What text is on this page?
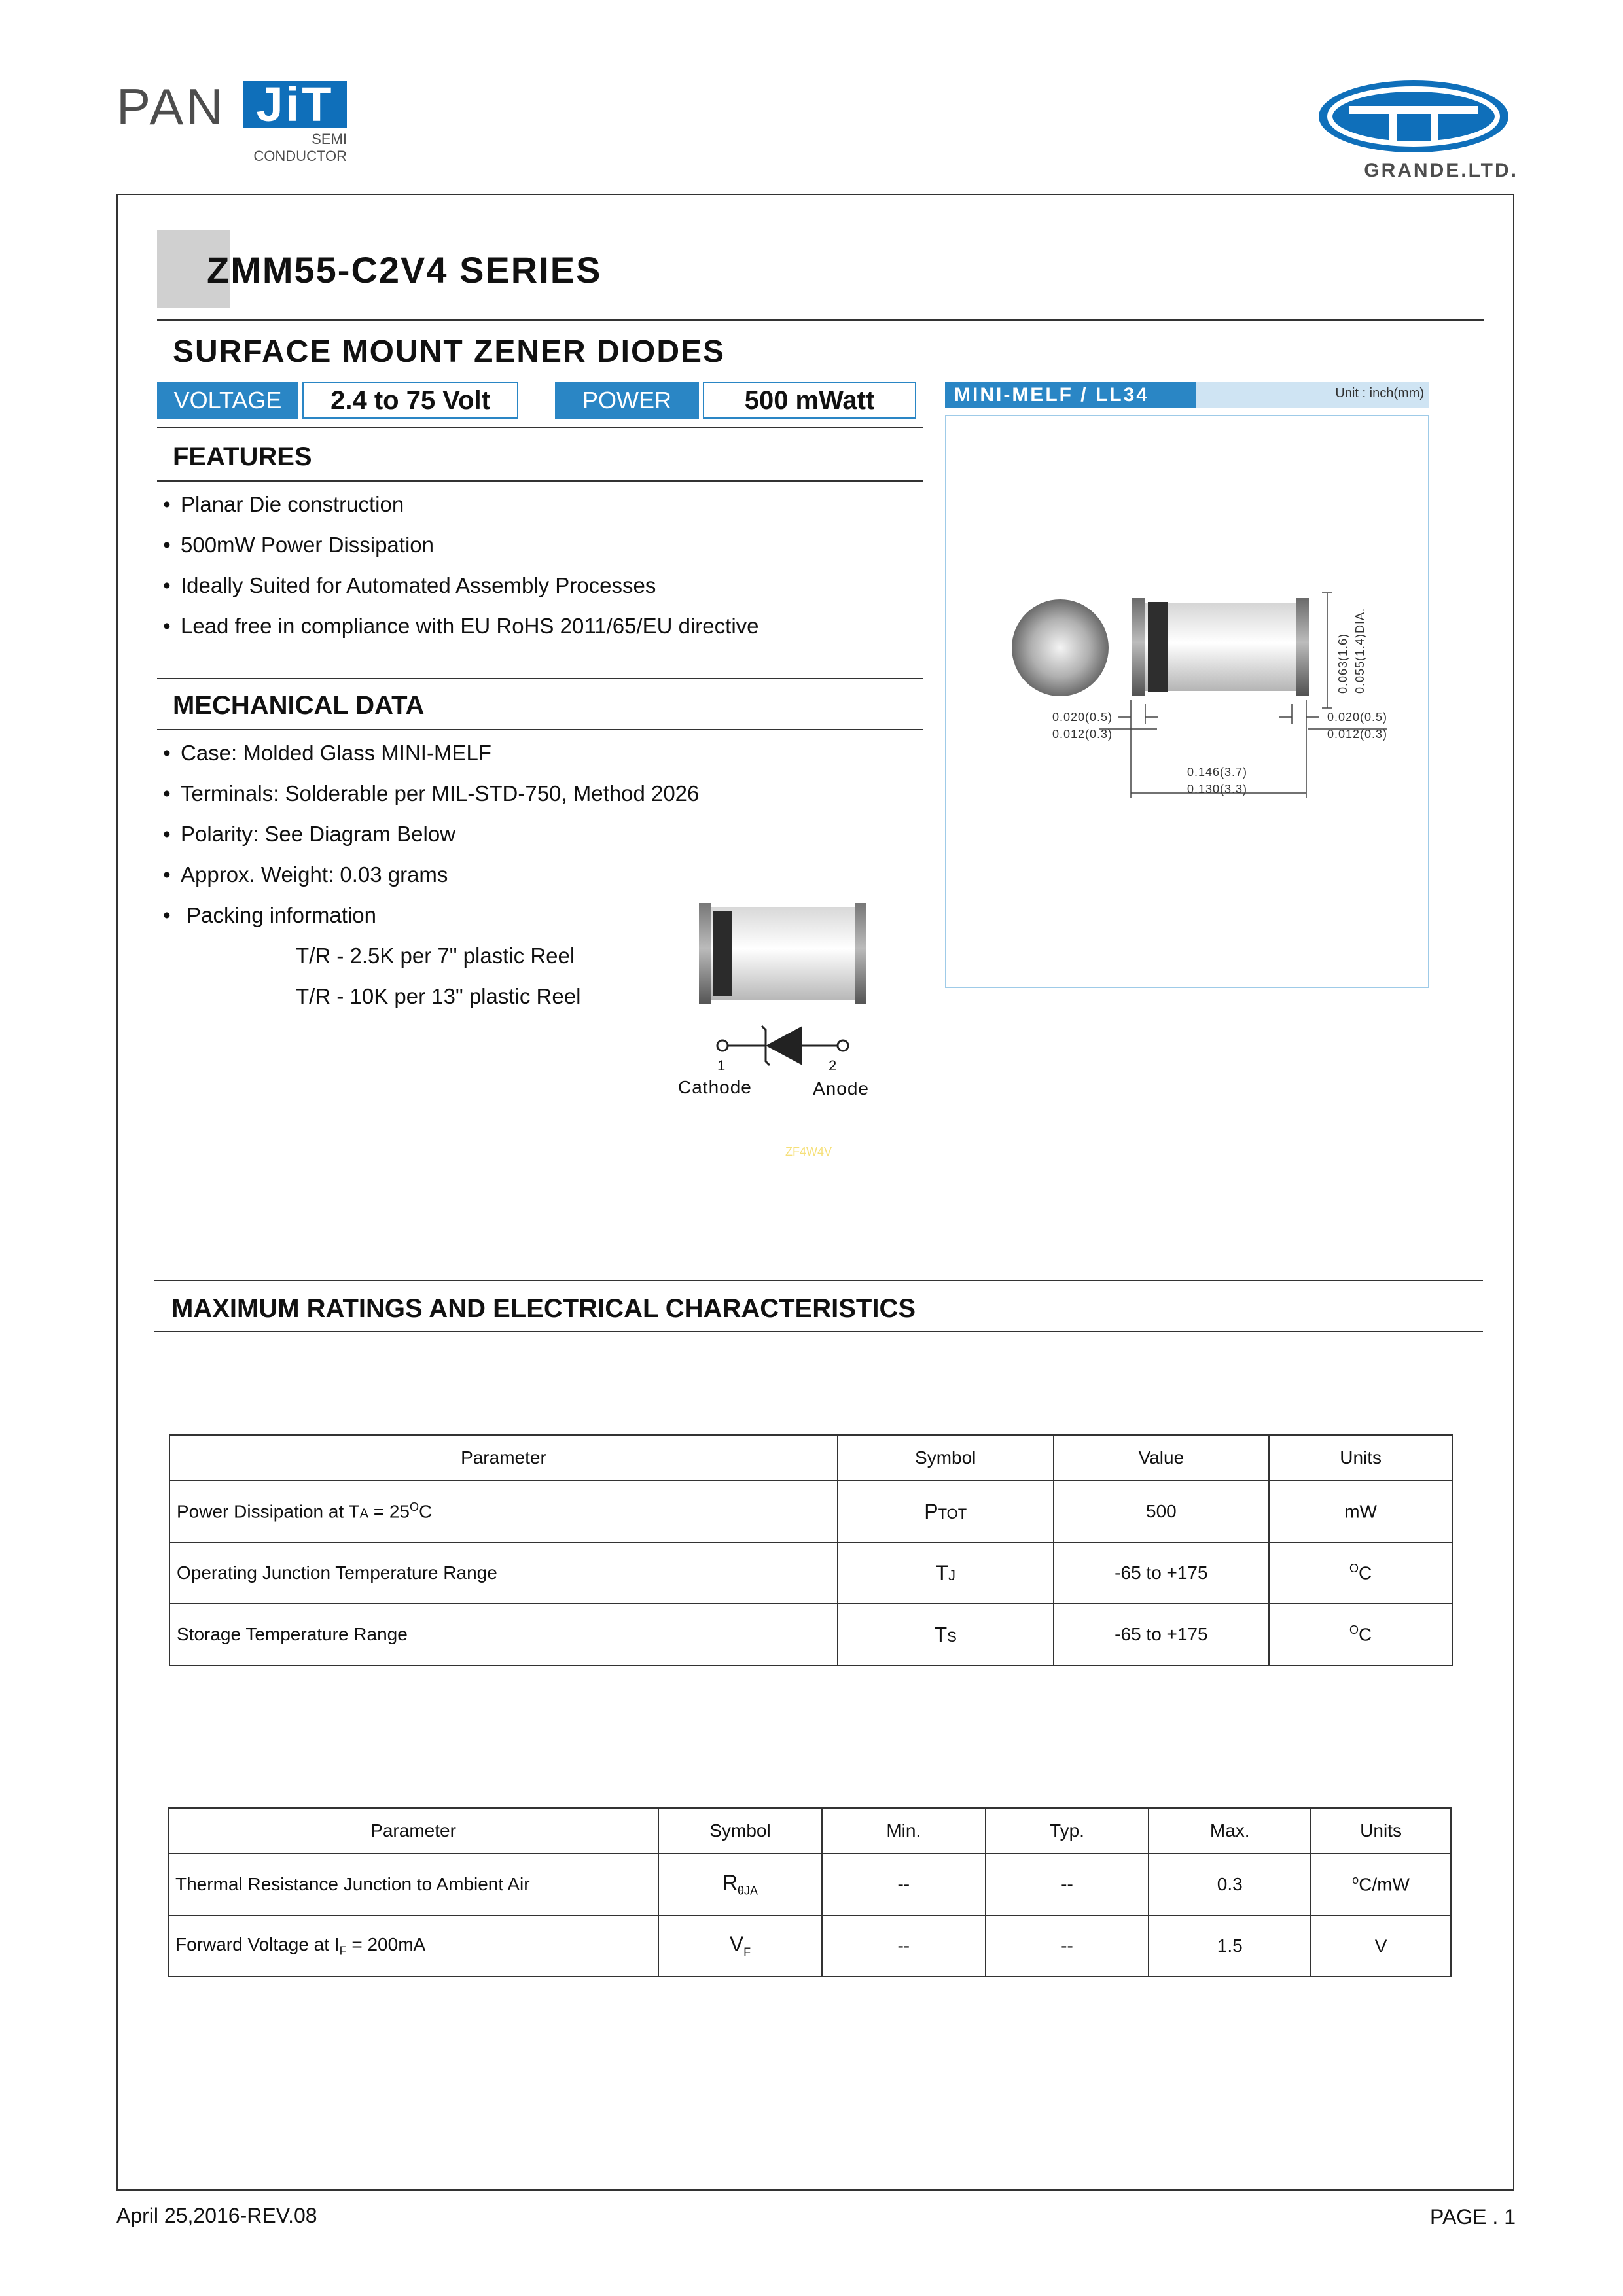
PAN JiT
SEMI
CONDUCTOR
GRANDE.LTD.
ZMM55-C2V4 SERIES
SURFACE MOUNT ZENER DIODES
VOLTAGE	2.4 to 75 Volt	POWER	500 mWatt
FEATURES
• Planar Die construction
• 500mW Power Dissipation
• Ideally Suited for Automated Assembly Processes
• Lead free in compliance with EU RoHS 2011/65/EU directive
MECHANICAL DATA
• Case: Molded Glass MINI-MELF
• Terminals: Solderable per MIL-STD-750, Method 2026
• Polarity: See Diagram Below
• Approx. Weight: 0.03 grams
• Packing information
T/R - 2.5K per 7" plastic Reel
T/R - 10K per 13" plastic Reel
1	2
Cathode	Anode
ZF4W4V
MINI-MELF / LL34	Unit : inch(mm)
0.020(0.5)
0.012(0.3)
0.020(0.5)
0.012(0.3)
0.146(3.7)
0.130(3.3)
0.063(1.6) 0.055(1.4)DIA.
MAXIMUM RATINGS AND ELECTRICAL CHARACTERISTICS
Parameter	Symbol	Value	Units
Power Dissipation at TA = $25^OC$	PTOT	500	mW
Operating Junction Temperature Range	TJ	-65 to +175	$^O$C
Storage Temperature Range	TS	-65 to +175	$^O$C
Parameter	Symbol	Min.	Typ.	Max.	Units
Thermal Resistance Junction to Ambient Air	$R_{\theta JA}$	--	--	0.3	$^o$C/mW
Forward Voltage at $I_F = 200mA$	$V_F$	--	--	1.5	V
April 25,2016-REV.08	PAGE . 1
